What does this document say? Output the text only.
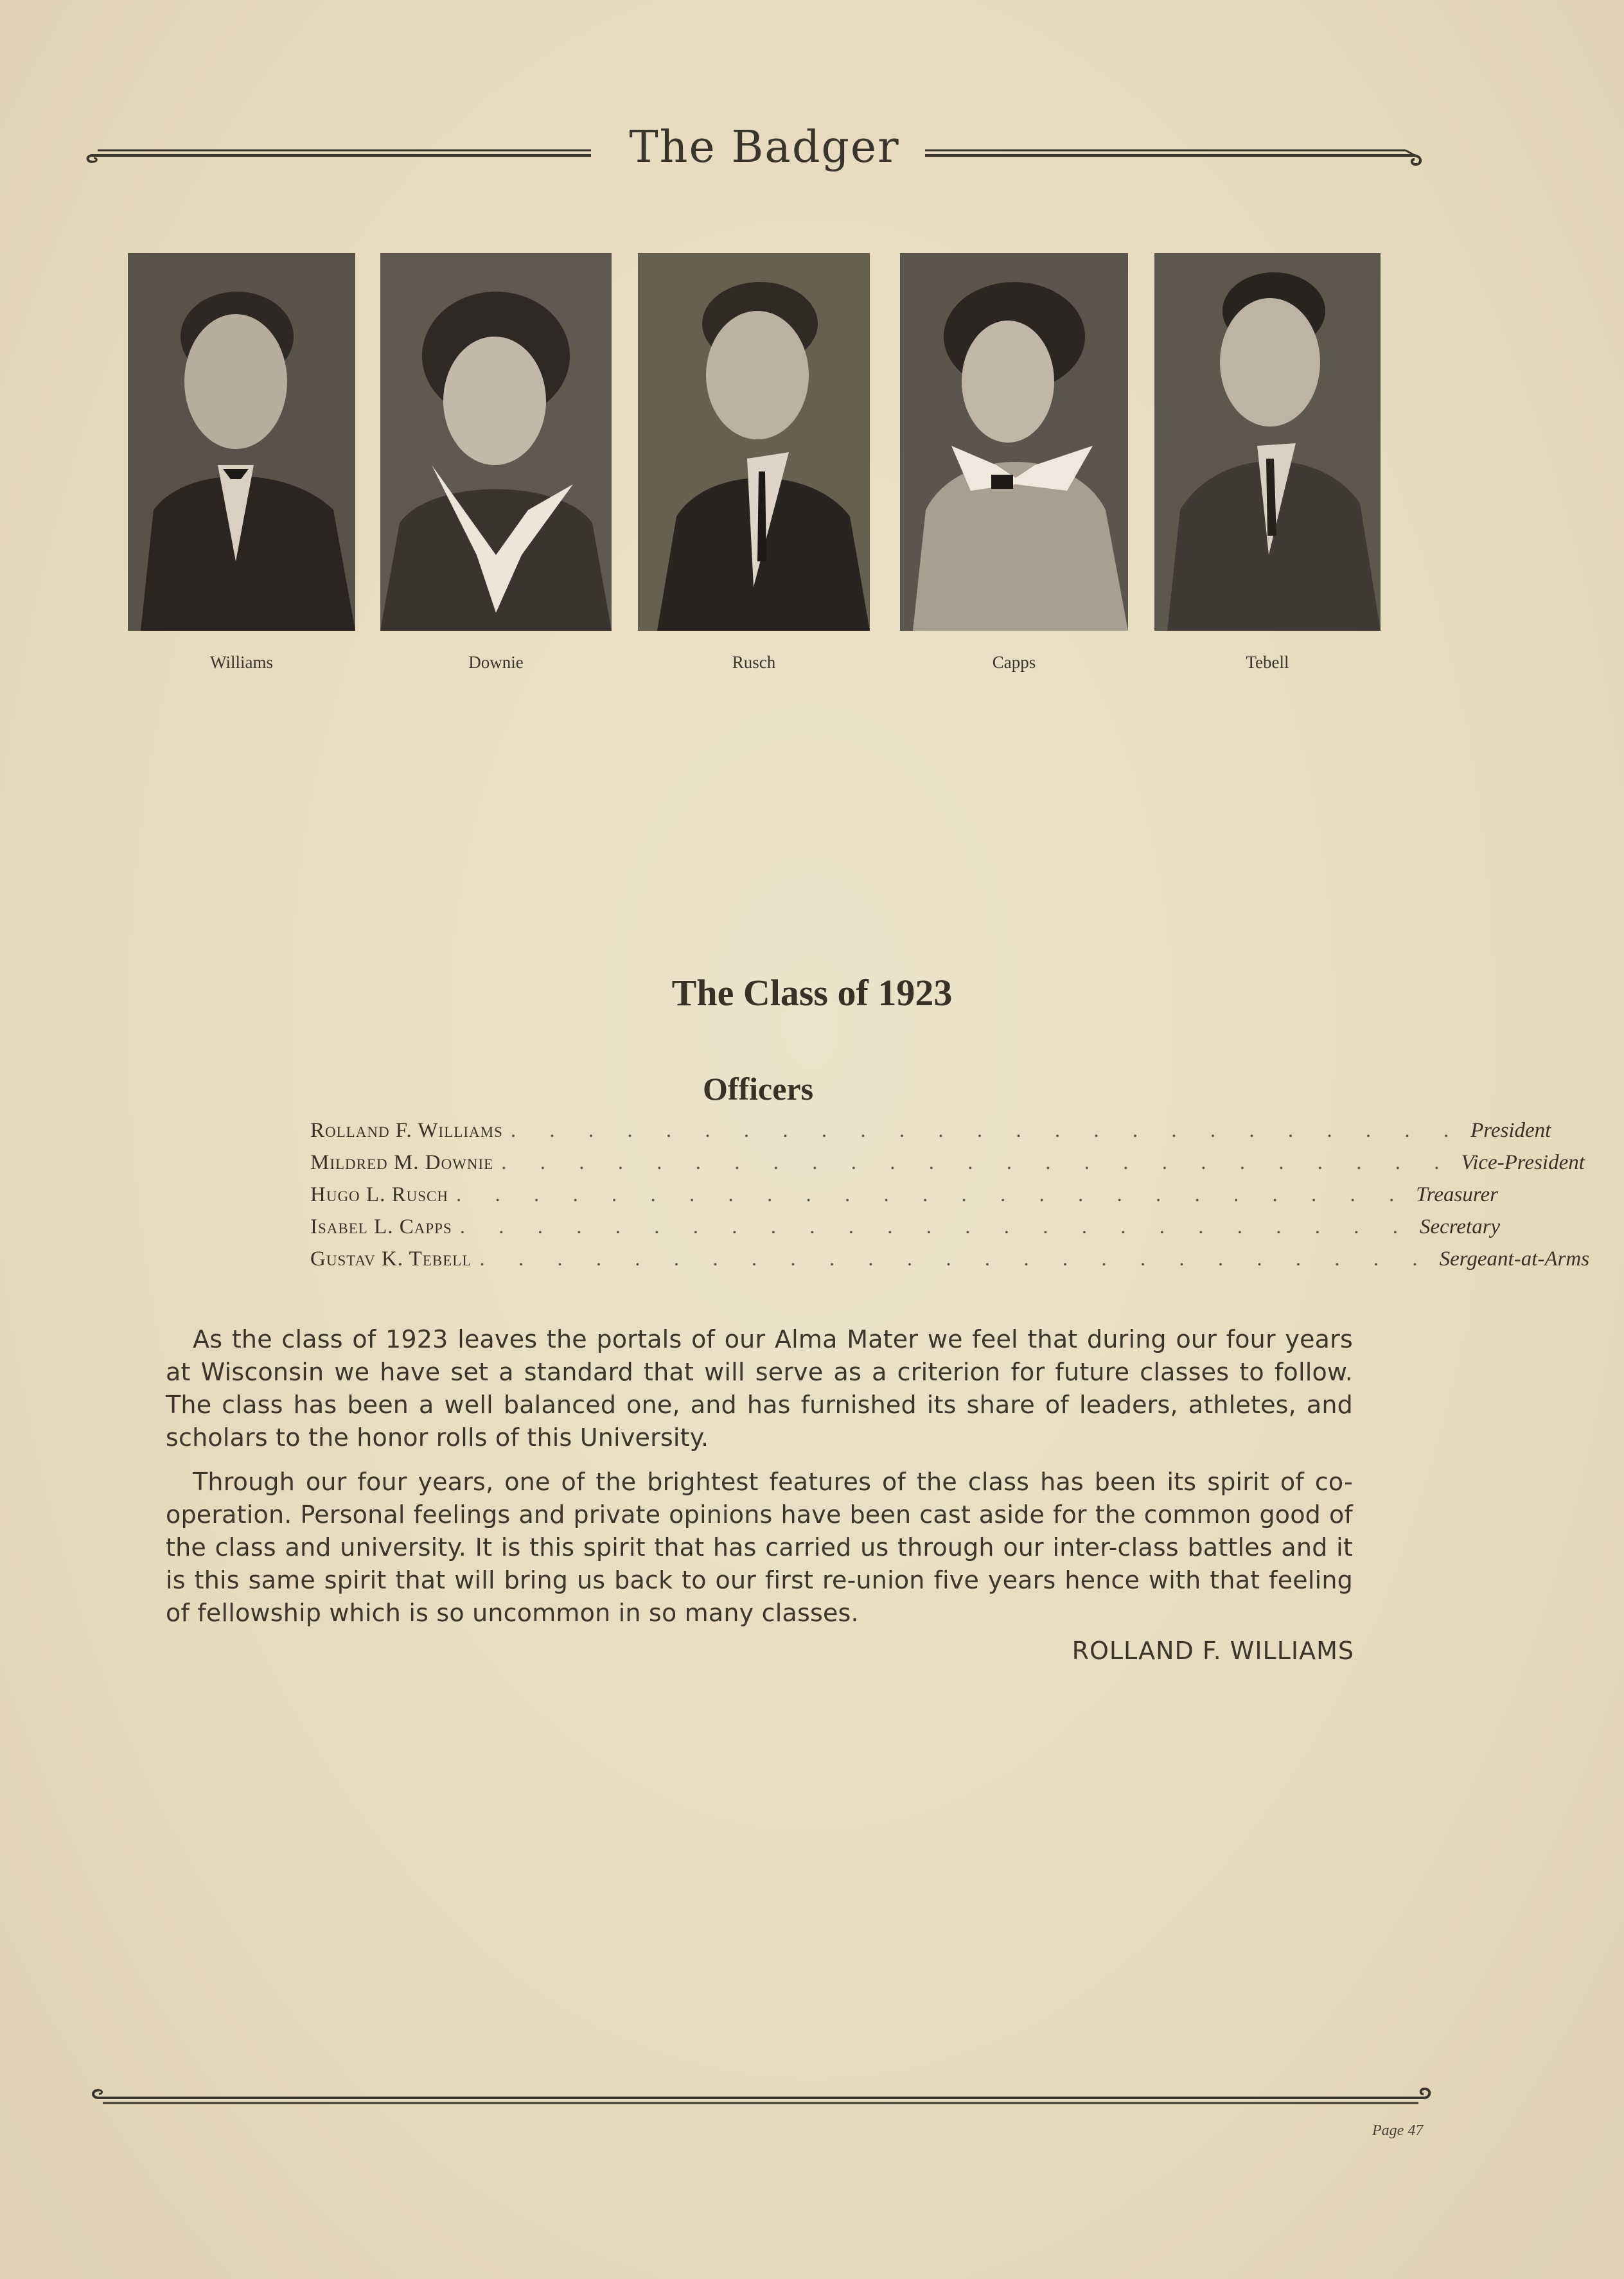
The Badger
Williams	Downie	Rusch	Capps	Tebell
The Class of 1923
Officers
Rolland F. Williams . . . . . . . . . . . . . . . . . . . . . . . . . President
Mildred M. Downie . . . . . . . . . . . . . . . . . . . . . . . . . Vice-President
Hugo L. Rusch . . . . . . . . . . . . . . . . . . . . . . . . . Treasurer
Isabel L. Capps . . . . . . . . . . . . . . . . . . . . . . . . . Secretary
Gustav K. Tebell . . . . . . . . . . . . . . . . . . . . . . . . . Sergeant-at-Arms

As the class of 1923 leaves the portals of our Alma Mater we feel that during our four years at Wisconsin we have set a standard that will serve as a criterion for future classes to follow. The class has been a well balanced one, and has furnished its share of leaders, athletes, and scholars to the honor rolls of this University.

Through our four years, one of the brightest features of the class has been its spirit of co-operation. Personal feelings and private opinions have been cast aside for the common good of the class and university. It is this spirit that has carried us through our inter-class battles and it is this same spirit that will bring us back to our first re-union five years hence with that feeling of fellowship which is so uncommon in so many classes.

ROLLAND F. WILLIAMS
Page 47
